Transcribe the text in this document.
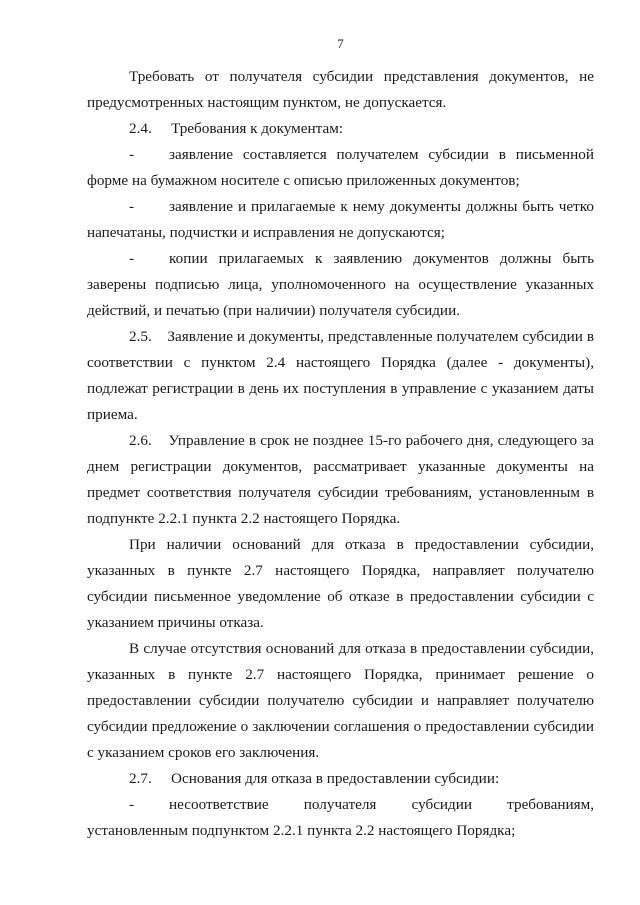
7

Требовать от получателя субсидии представления документов, не предусмотренных настоящим пунктом, не допускается.

2.4. Требования к документам:

- заявление составляется получателем субсидии в письменной форме на бумажном носителе с описью приложенных документов;

- заявление и прилагаемые к нему документы должны быть четко напечатаны, подчистки и исправления не допускаются;

- копии прилагаемых к заявлению документов должны быть заверены подписью лица, уполномоченного на осуществление указанных действий, и печатью (при наличии) получателя субсидии.

2.5. Заявление и документы, представленные получателем субсидии в соответствии с пунктом 2.4 настоящего Порядка (далее - документы), подлежат регистрации в день их поступления в управление с указанием даты приема.

2.6. Управление в срок не позднее 15-го рабочего дня, следующего за днем регистрации документов, рассматривает указанные документы на предмет соответствия получателя субсидии требованиям, установленным в подпункте 2.2.1 пункта 2.2 настоящего Порядка.

При наличии оснований для отказа в предоставлении субсидии, указанных в пункте 2.7 настоящего Порядка, направляет получателю субсидии письменное уведомление об отказе в предоставлении субсидии с указанием причины отказа.

В случае отсутствия оснований для отказа в предоставлении субсидии, указанных в пункте 2.7 настоящего Порядка, принимает решение о предоставлении субсидии получателю субсидии и направляет получателю субсидии предложение о заключении соглашения о предоставлении субсидии с указанием сроков его заключения.

2.7. Основания для отказа в предоставлении субсидии:

- несоответствие получателя субсидии требованиям, установленным подпунктом 2.2.1 пункта 2.2 настоящего Порядка;
